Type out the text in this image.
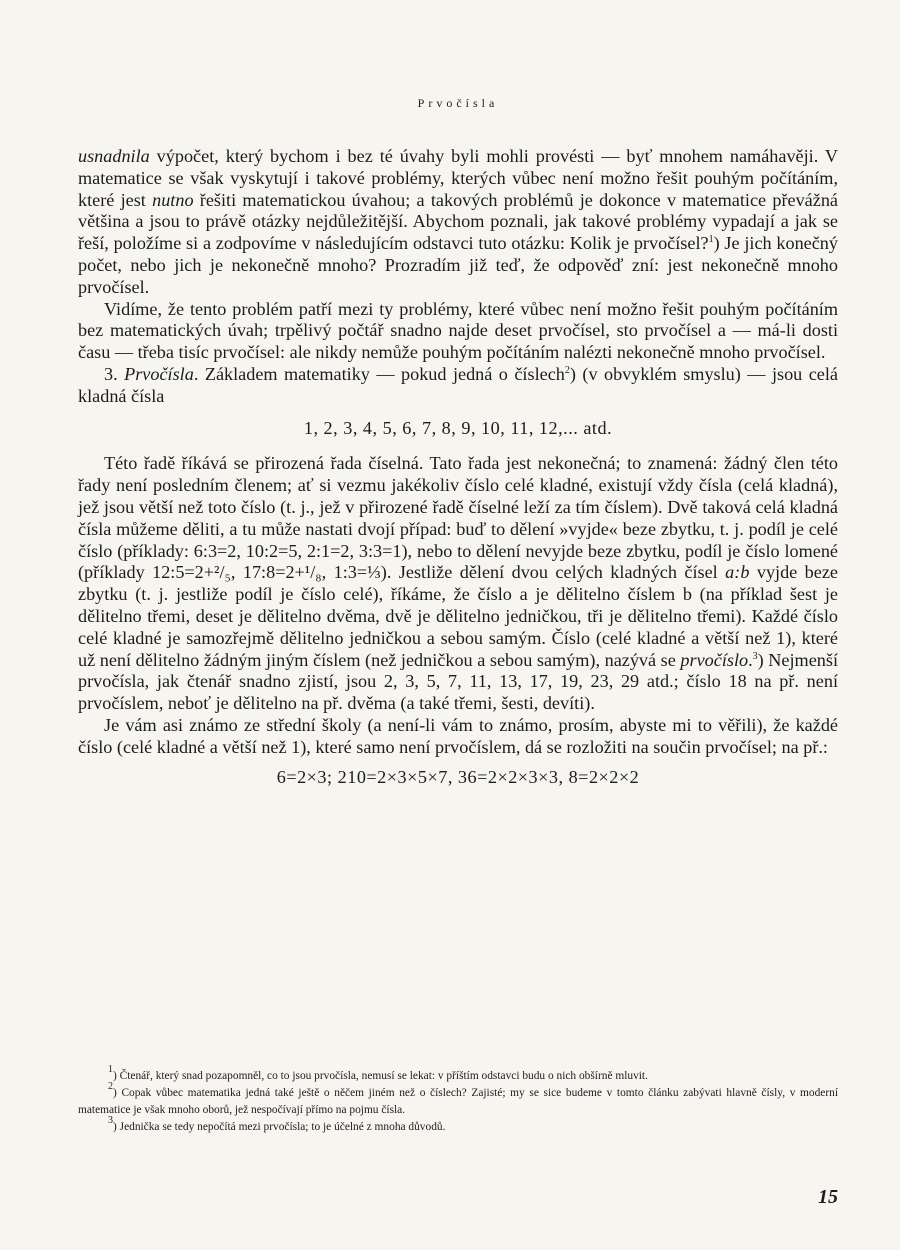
Prvočísla

usnadnila výpočet, který bychom i bez té úvahy byli mohli provésti — byť mnohem namáhavěji. V matematice se však vyskytují i takové problémy, kterých vůbec není možno řešit pouhým počítáním, které jest nutno řešiti matematickou úvahou; a takových problémů je dokonce v matematice převážná většina a jsou to právě otázky nejdůležitější. Abychom poznali, jak takové problémy vypadají a jak se řeší, položíme si a zodpovíme v následujícím odstavci tuto otázku: Kolik je prvočísel?$^1$) Je jich konečný počet, nebo jich je nekonečně mnoho? Prozradím již teď, že odpověď zní: jest nekonečně mnoho prvočísel.

Vidíme, že tento problém patří mezi ty problémy, které vůbec není možno řešit pouhým počítáním bez matematických úvah; trpělivý počtář snadno najde deset prvočísel, sto prvočísel a — má-li dosti času — třeba tisíc prvočísel: ale nikdy nemůže pouhým počítáním nalézti nekonečně mnoho prvočísel.

3. Prvočísla. Základem matematiky — pokud jedná o číslech$^2$) (v obvyklém smyslu) — jsou celá kladná čísla

1, 2, 3, 4, 5, 6, 7, 8, 9, 10, 11, 12,... atd.

Této řadě říkává se přirozená řada číselná. Tato řada jest nekonečná; to znamená: žádný člen této řady není posledním členem; ať si vezmu jakékoliv číslo celé kladné, existují vždy čísla (celá kladná), jež jsou větší než toto číslo (t. j., jež v přirozené řadě číselné leží za tím číslem). Dvě taková celá kladná čísla můžeme děliti, a tu může nastati dvojí případ: buď to dělení »vyjde« beze zbytku, t. j. podíl je celé číslo (příklady: 6:3=2, 10:2=5, 2:1=2, 3:3=1), nebo to dělení nevyjde beze zbytku, podíl je číslo lomené (příklady 12:5=2+²/₅, 17:8=2+¹/₈, 1:3=⅓). Jestliže dělení dvou celých kladných čísel a:b vyjde beze zbytku (t. j. jestliže podíl je číslo celé), říkáme, že číslo a je dělitelno číslem b (na příklad šest je dělitelno třemi, deset je dělitelno dvěma, dvě je dělitelno jedničkou, tři je dělitelno třemi). Každé číslo celé kladné je samozřejmě dělitelno jedničkou a sebou samým. Číslo (celé kladné a větší než 1), které už není dělitelno žádným jiným číslem (než jedničkou a sebou samým), nazývá se prvočíslo.$^3$) Nejmenší prvočísla, jak čtenář snadno zjistí, jsou 2, 3, 5, 7, 11, 13, 17, 19, 23, 29 atd.; číslo 18 na př. není prvočíslem, neboť je dělitelno na př. dvěma (a také třemi, šesti, devíti).

Je vám asi známo ze střední školy (a není-li vám to známo, prosím, abyste mi to věřili), že každé číslo (celé kladné a větší než 1), které samo není prvočíslem, dá se rozložiti na součin prvočísel; na př.:

6=2×3; 210=2×3×5×7, 36=2×2×3×3, 8=2×2×2

$^1$) Čtenář, který snad pozapomněl, co to jsou prvočísla, nemusí se lekat: v příštím odstavci budu o nich obšírně mluvit.

$^2$) Copak vůbec matematika jedná také ještě o něčem jiném než o číslech? Zajisté; my se sice budeme v tomto článku zabývati hlavně čísly, v moderní matematice je však mnoho oborů, jež nespočívají přímo na pojmu čísla.

$^3$) Jednička se tedy nepočítá mezi prvočísla; to je účelné z mnoha důvodů.

15
